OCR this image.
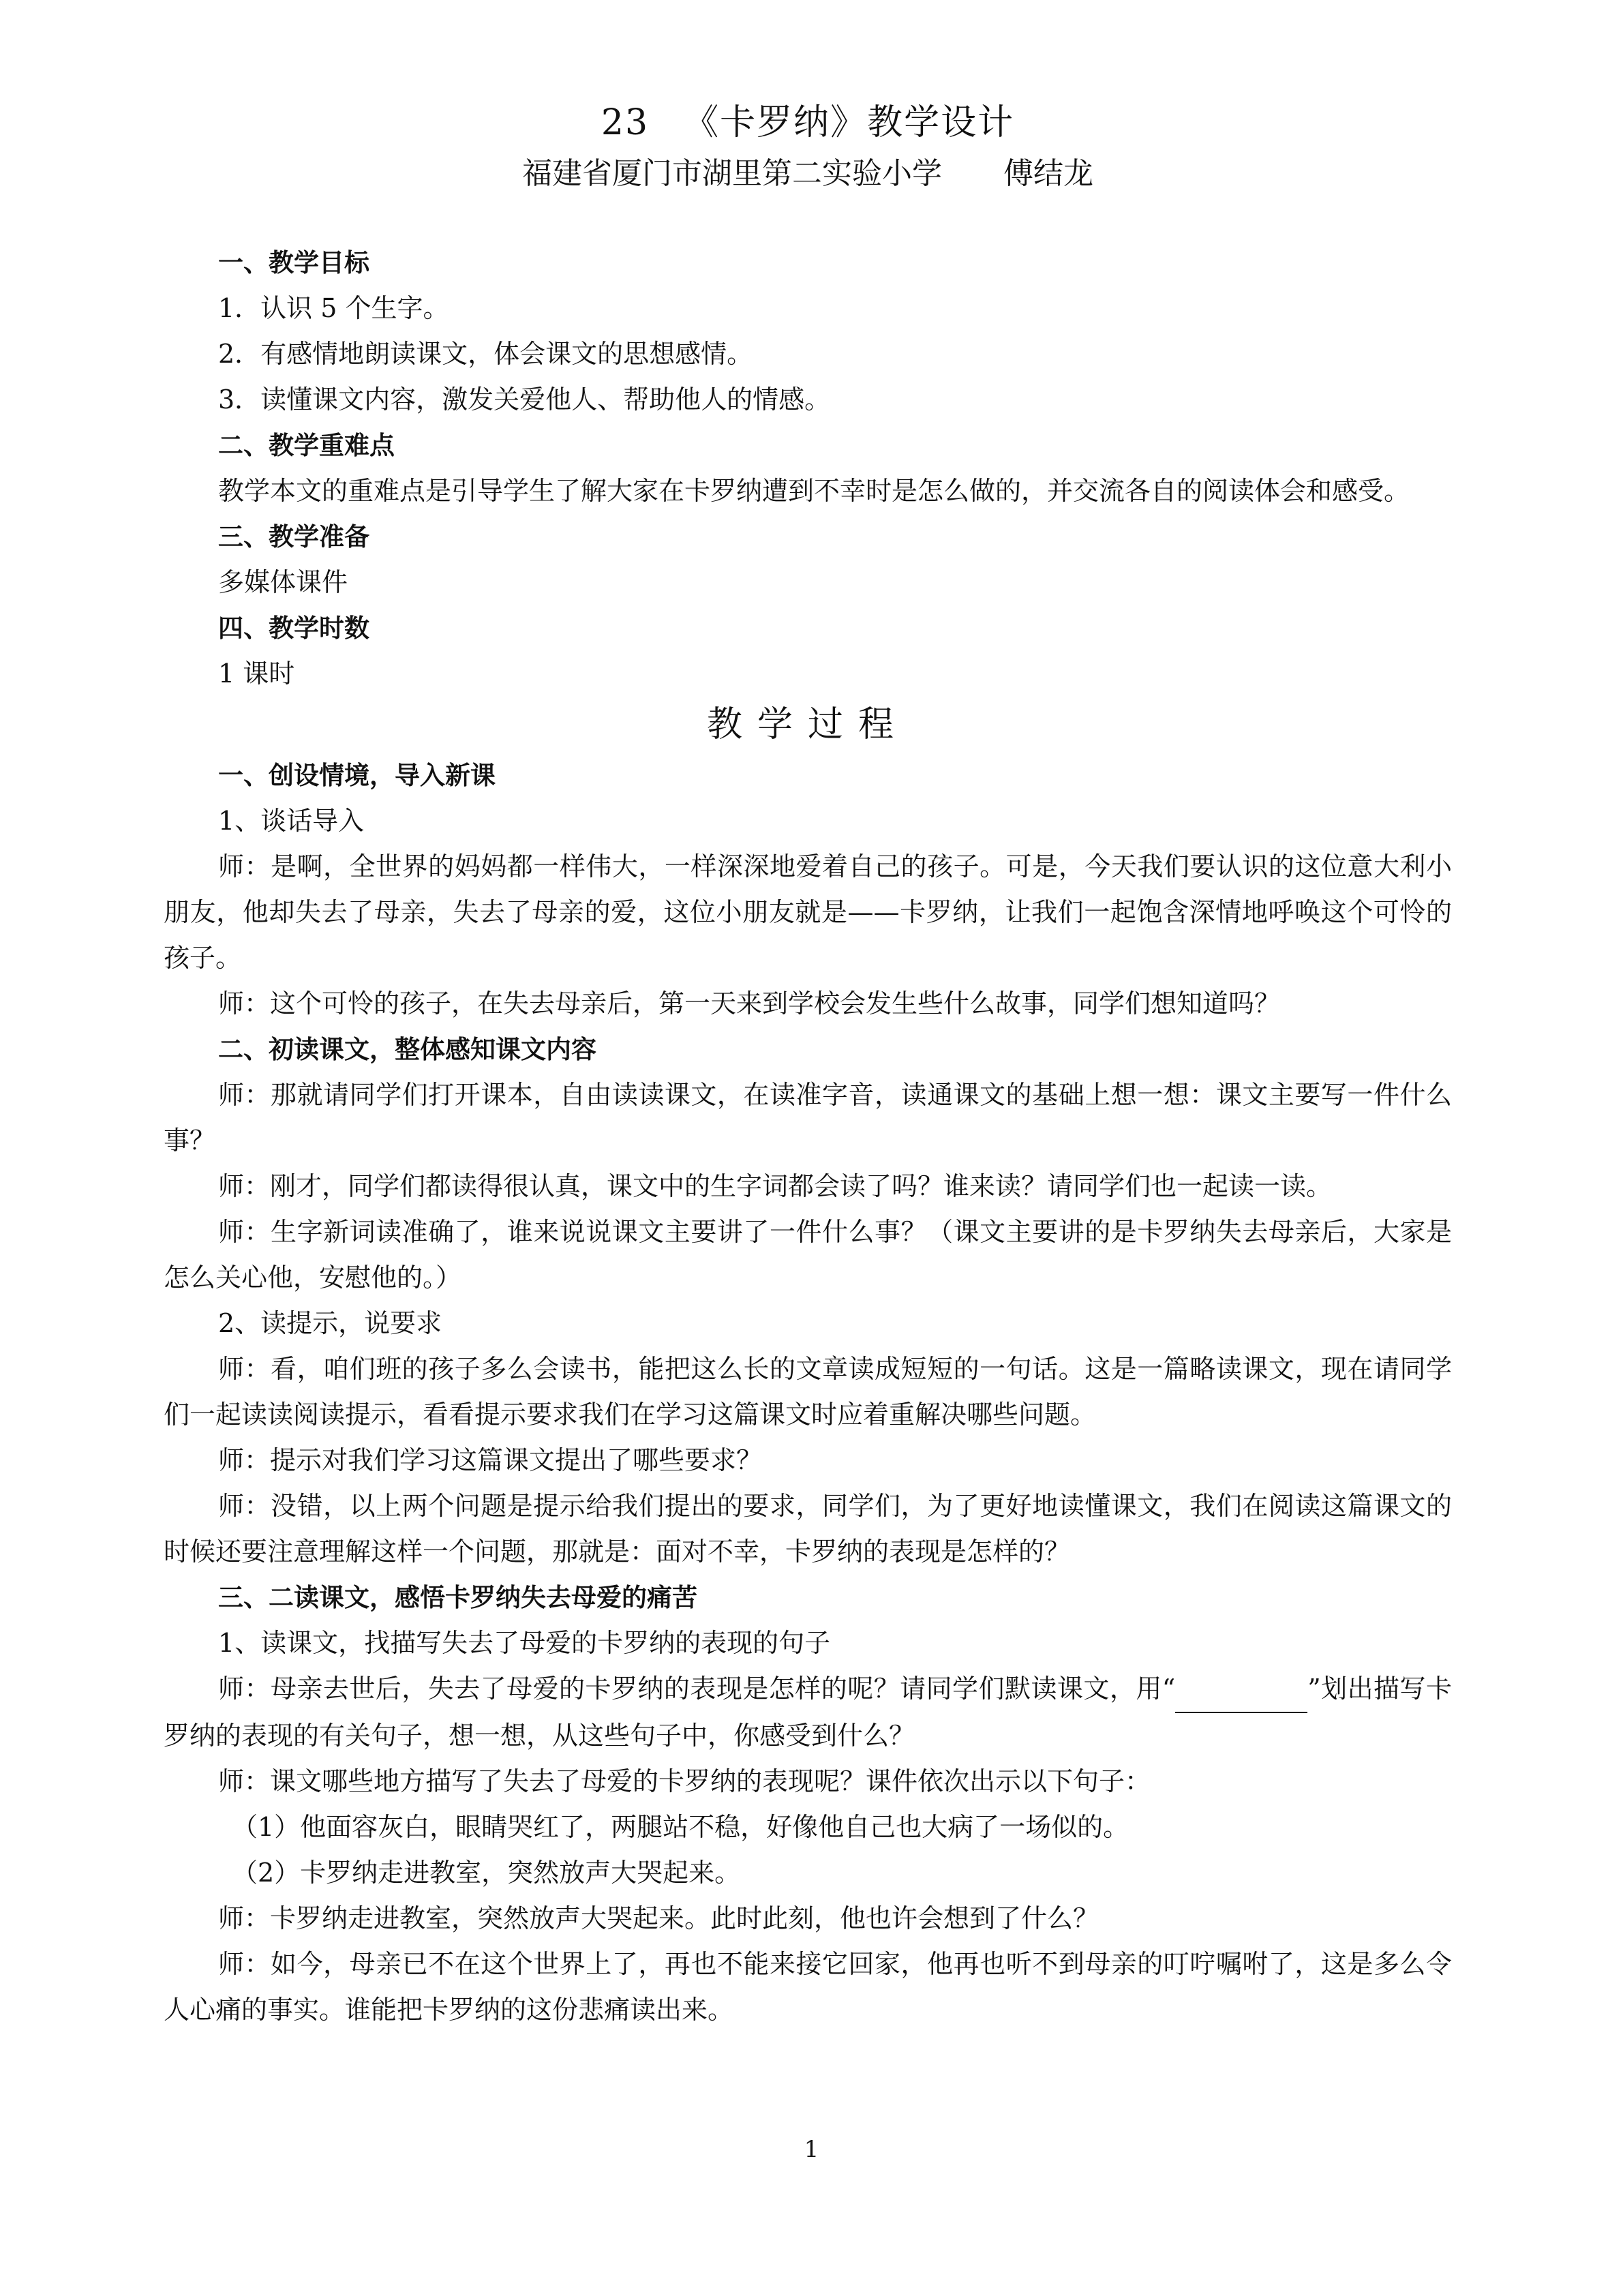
23 《卡罗纳》教学设计
福建省厦门市湖里第二实验小学 傅结龙

一、教学目标

1．认识 5 个生字。

2．有感情地朗读课文，体会课文的思想感情。

3．读懂课文内容，激发关爱他人、帮助他人的情感。

二、教学重难点

教学本文的重难点是引导学生了解大家在卡罗纳遭到不幸时是怎么做的，并交流各自的阅读体会和感受。

三、教学准备

多媒体课件

四、教学时数

1 课时

教学过程

一、创设情境，导入新课

1、谈话导入

师：是啊，全世界的妈妈都一样伟大，一样深深地爱着自己的孩子。可是，今天我们要认识的这位意大利小朋友，他却失去了母亲，失去了母亲的爱，这位小朋友就是——卡罗纳，让我们一起饱含深情地呼唤这个可怜的孩子。

师：这个可怜的孩子，在失去母亲后，第一天来到学校会发生些什么故事，同学们想知道吗？

二、初读课文，整体感知课文内容

师：那就请同学们打开课本，自由读读课文，在读准字音，读通课文的基础上想一想：课文主要写一件什么事？

师：刚才，同学们都读得很认真，课文中的生字词都会读了吗？谁来读？请同学们也一起读一读。

师：生字新词读准确了，谁来说说课文主要讲了一件什么事？（课文主要讲的是卡罗纳失去母亲后，大家是怎么关心他，安慰他的。）

2、读提示，说要求

师：看，咱们班的孩子多么会读书，能把这么长的文章读成短短的一句话。这是一篇略读课文，现在请同学们一起读读阅读提示，看看提示要求我们在学习这篇课文时应着重解决哪些问题。

师：提示对我们学习这篇课文提出了哪些要求？

师：没错，以上两个问题是提示给我们提出的要求，同学们，为了更好地读懂课文，我们在阅读这篇课文的时候还要注意理解这样一个问题，那就是：面对不幸，卡罗纳的表现是怎样的？

三、二读课文，感悟卡罗纳失去母爱的痛苦

1、读课文，找描写失去了母爱的卡罗纳的表现的句子

师：母亲去世后，失去了母爱的卡罗纳的表现是怎样的呢？请同学们默读课文，用“　　　	”划出描写卡罗纳的表现的有关句子，想一想，从这些句子中，你感受到什么？

师：课文哪些地方描写了失去了母爱的卡罗纳的表现呢？课件依次出示以下句子：

（1）他面容灰白，眼睛哭红了，两腿站不稳，好像他自己也大病了一场似的。

（2）卡罗纳走进教室，突然放声大哭起来。

师：卡罗纳走进教室，突然放声大哭起来。此时此刻，他也许会想到了什么？

师：如今，母亲已不在这个世界上了，再也不能来接它回家，他再也听不到母亲的叮咛嘱咐了，这是多么令人心痛的事实。谁能把卡罗纳的这份悲痛读出来。

1
